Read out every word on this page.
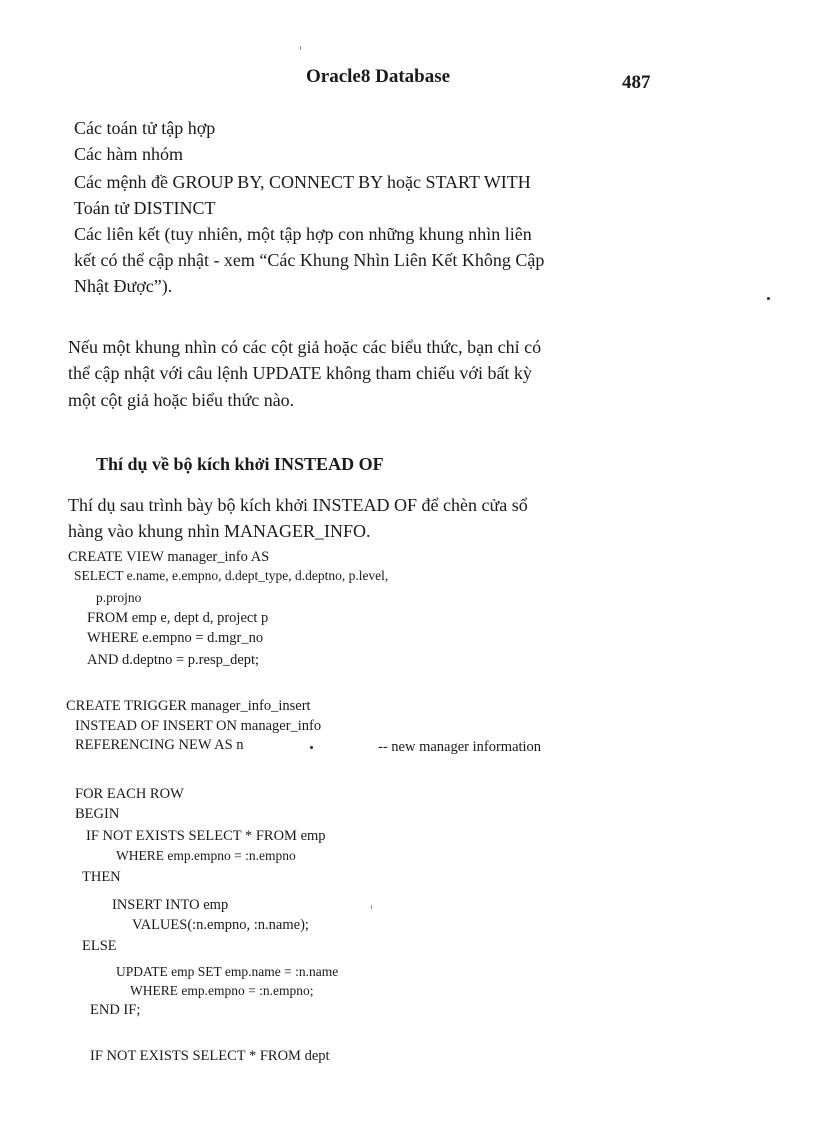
Oracle8 Database	487
Các toán tử tập hợp
Các hàm nhóm
Các mệnh đề GROUP BY, CONNECT BY hoặc START WITH
Toán tử DISTINCT
Các liên kết (tuy nhiên, một tập hợp con những khung nhìn liên
kết có thể cập nhật - xem “Các Khung Nhìn Liên Kết Không Cập
Nhật Được”).
Nếu một khung nhìn có các cột giả hoặc các biểu thức, bạn chỉ có
thể cập nhật với câu lệnh UPDATE không tham chiếu với bất kỳ
một cột giả hoặc biểu thức nào.
Thí dụ về bộ kích khởi INSTEAD OF
Thí dụ sau trình bày bộ kích khởi INSTEAD OF để chèn cửa sổ
hàng vào khung nhìn MANAGER_INFO.
CREATE VIEW manager_info AS
SELECT e.name, e.empno, d.dept_type, d.deptno, p.level,
p.projno
FROM emp e, dept d, project p
WHERE e.empno = d.mgr_no
AND d.deptno = p.resp_dept;
CREATE TRIGGER manager_info_insert
INSTEAD OF INSERT ON manager_info
REFERENCING NEW AS n	-- new manager information
FOR EACH ROW
BEGIN
IF NOT EXISTS SELECT * FROM emp
WHERE emp.empno = :n.empno
THEN
INSERT INTO emp
VALUES(:n.empno, :n.name);
ELSE
UPDATE emp SET emp.name = :n.name
WHERE emp.empno = :n.empno;
END IF;
IF NOT EXISTS SELECT * FROM dept
